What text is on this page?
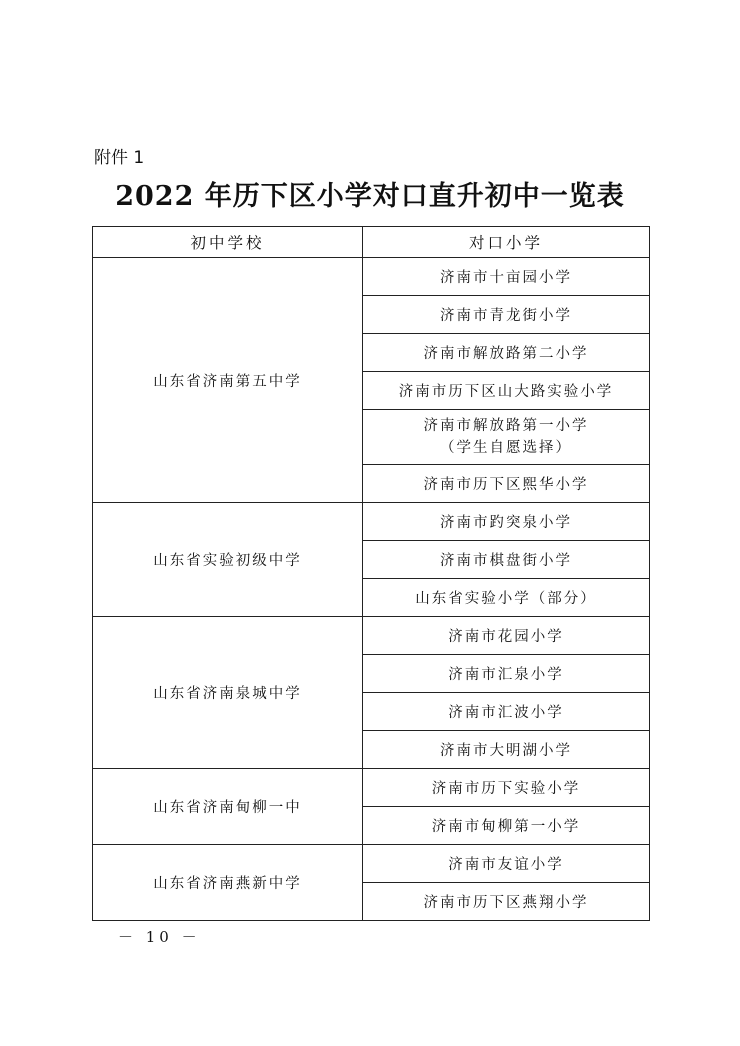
附件 1
2022 年历下区小学对口直升初中一览表
初中学校	对口小学
山东省济南第五中学	济南市十亩园小学
	济南市青龙街小学
	济南市解放路第二小学
	济南市历下区山大路实验小学

	济南市解放路第一小学
（学生自愿选择）

	济南市历下区熙华小学
山东省实验初级中学	济南市趵突泉小学
	济南市棋盘街小学
	山东省实验小学（部分）
山东省济南泉城中学	济南市花园小学
	济南市汇泉小学
	济南市汇波小学
	济南市大明湖小学
山东省济南甸柳一中	济南市历下实验小学
	济南市甸柳第一小学
山东省济南燕新中学	济南市友谊小学
	济南市历下区燕翔小学
－ 10 －
